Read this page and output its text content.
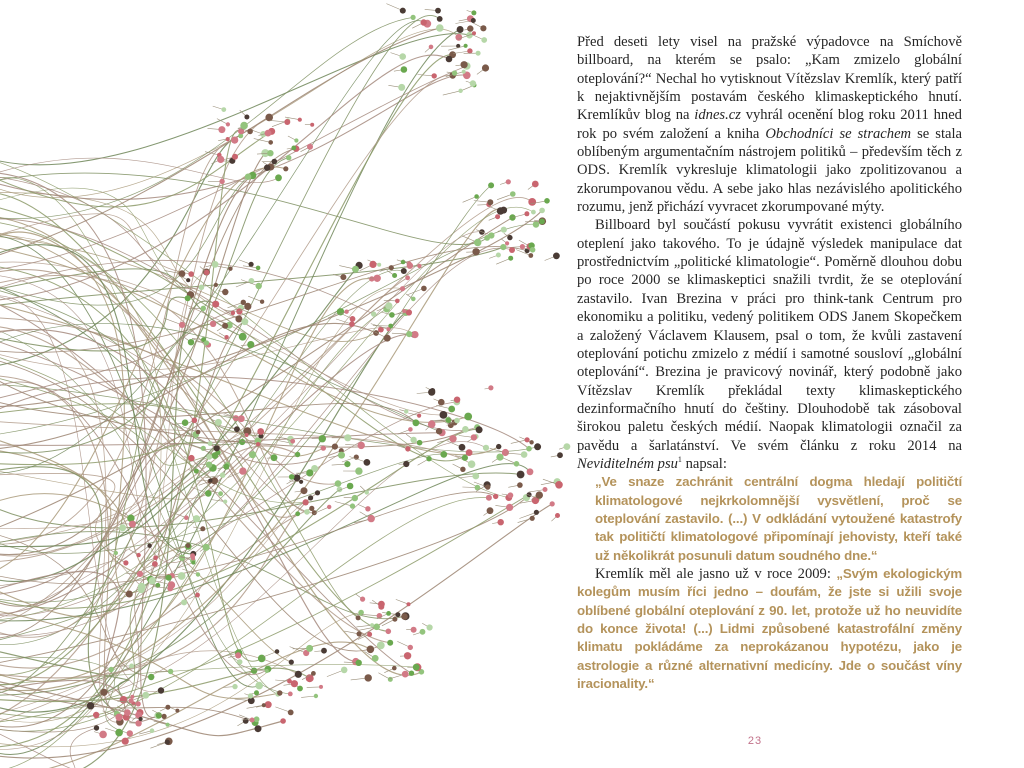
Před deseti lety visel na pražské výpadovce na Smíchově billboard, na kterém se psalo: „Kam zmizelo globální oteplování?“ Nechal ho vytisknout Vítězslav Kremlík, který patří k nejaktivnějším postavám českého klimaskeptického hnutí. Kremlíkův blog na idnes.cz vyhrál ocenění blog roku 2011 hned rok po svém založení a kniha Obchodníci se strachem se stala oblíbeným argumentačním nástrojem politiků – především těch z ODS. Kremlík vykresluje klimatologii jako zpolitizovanou a zkorumpovanou vědu. A sebe jako hlas nezávislého apolitického rozumu, jenž přichází vyvracet zkorumpované mýty.

Billboard byl součástí pokusu vyvrátit existenci globálního oteplení jako takového. To je údajně výsledek manipulace dat prostřednictvím „politické klimatologie“. Poměrně dlouhou dobu po roce 2000 se klimaskeptici snažili tvrdit, že se oteplování zastavilo. Ivan Brezina v práci pro think-tank Centrum pro ekonomiku a politiku, vedený politikem ODS Janem Skopečkem a založený Václavem Klausem, psal o tom, že kvůli zastavení oteplování potichu zmizelo z médií i samotné sousloví „globální oteplování“. Brezina je pravicový novinář, který podobně jako Vítězslav Kremlík překládal texty klimaskeptického dezinformačního hnutí do češtiny. Dlouhodobě tak zásoboval širokou paletu českých médií. Naopak klimatologii označil za pavědu a šarlatánství. Ve svém článku z roku 2014 na Neviditelném psu$^1$ napsal:

„Ve snaze zachránit centrální dogma hledají političtí klimatologové nejkrkolomnější vysvětlení, proč se oteplování zastavilo. (...) V odkládání vytoužené katastrofy tak političtí klimatologové připomínají jehovisty, kteří také už několikrát posunuli datum soudného dne.“

Kremlík měl ale jasno už v roce 2009: „Svým ekologickým kolegům musím říci jedno – doufám, že jste si užili svoje oblíbené globální oteplování z 90. let, protože už ho neuvidíte do konce života! (...) Lidmi způsobené katastrofální změny klimatu pokládáme za neprokázanou hypotézu, jako je astrologie a různé alternativní medicíny. Jde o součást víny iracionality.“

23
